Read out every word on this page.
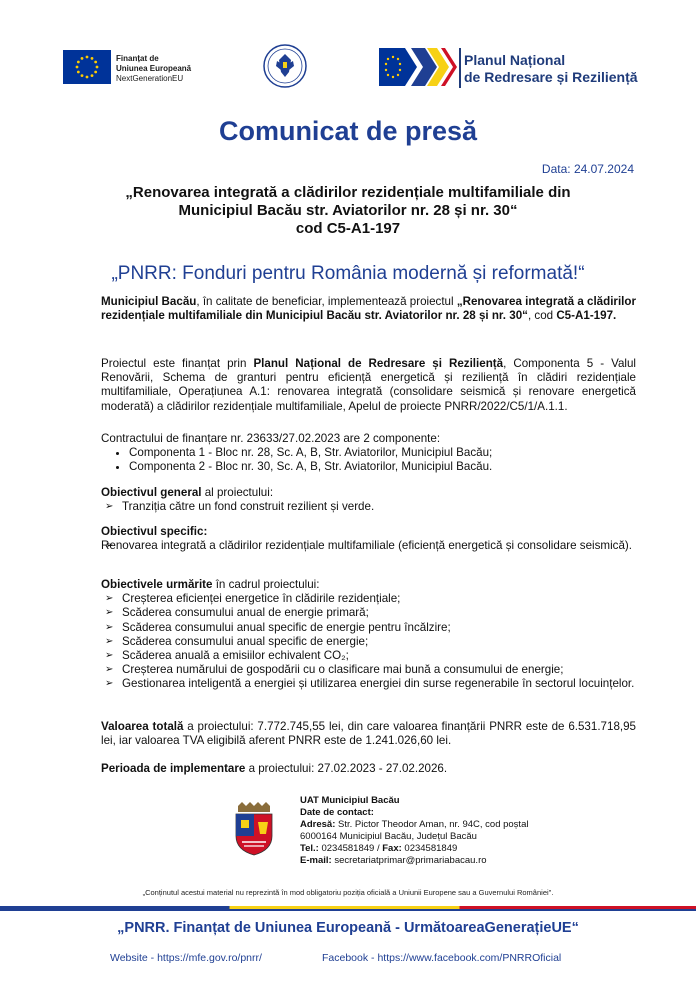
Finanțat de
Uniunea Europeană
NextGenerationEU
Planul Național
de Redresare și Reziliență
Comunicat de presă
Data: 24.07.2024
„Renovarea integrată a clădirilor rezidențiale multifamiliale din
Municipiul Bacău str. Aviatorilor nr. 28 și nr. 30“
cod C5-A1-197
„PNRR: Fonduri pentru România modernă și reformată!“
Municipiul Bacău, în calitate de beneficiar, implementează proiectul „Renovarea integrată a clădirilor rezidențiale multifamiliale din Municipiul Bacău str. Aviatorilor nr. 28 și nr. 30“, cod C5-A1-197.
Proiectul este finanțat prin Planul Național de Redresare și Reziliență, Componenta 5 - Valul Renovării, Schema de granturi pentru eficiență energetică și reziliență în clădiri rezidențiale multifamiliale, Operațiunea A.1: renovarea integrată (consolidare seismică și renovare energetică moderată) a clădirilor rezidențiale multifamiliale, Apelul de proiecte PNRR/2022/C5/1/A.1.1.
Contractului de finanțare nr. 23633/27.02.2023 are 2 componente:
• Componenta 1 - Bloc nr. 28, Sc. A, B, Str. Aviatorilor, Municipiul Bacău;
• Componenta 2 - Bloc nr. 30, Sc. A, B, Str. Aviatorilor, Municipiul Bacău.
Obiectivul general al proiectului:
➢ Tranziția către un fond construit rezilient și verde.
Obiectivul specific:
➢ Renovarea integrată a clădirilor rezidențiale multifamiliale (eficiență energetică și consolidare seismică).
Obiectivele urmărite în cadrul proiectului:
➢ Creșterea eficienței energetice în clădirile rezidențiale;
➢ Scăderea consumului anual de energie primară;
➢ Scăderea consumului anual specific de energie pentru încălzire;
➢ Scăderea consumului anual specific de energie;
➢ Scăderea anuală a emisiilor echivalent CO₂;
➢ Creșterea numărului de gospodării cu o clasificare mai bună a consumului de energie;
➢ Gestionarea inteligentă a energiei și utilizarea energiei din surse regenerabile în sectorul locuințelor.
Valoarea totală a proiectului: 7.772.745,55 lei, din care valoarea finanțării PNRR este de 6.531.718,95 lei, iar valoarea TVA eligibilă aferent PNRR este de 1.241.026,60 lei.
Perioada de implementare a proiectului: 27.02.2023 - 27.02.2026.
UAT Municipiul Bacău
Date de contact:
Adresă: Str. Pictor Theodor Aman, nr. 94C, cod poștal
6000164 Municipiul Bacău, Județul Bacău
Tel.: 0234581849 / Fax: 0234581849
E-mail: secretariatprimar@primariabacau.ro
„Conținutul acestui material nu reprezintă în mod obligatoriu poziția oficială a Uniunii Europene sau a Guvernului României".
„PNRR. Finanțat de Uniunea Europeană - UrmătoareaGenerațieUE“
Website - https://mfe.gov.ro/pnrr/	Facebook - https://www.facebook.com/PNRROficial
